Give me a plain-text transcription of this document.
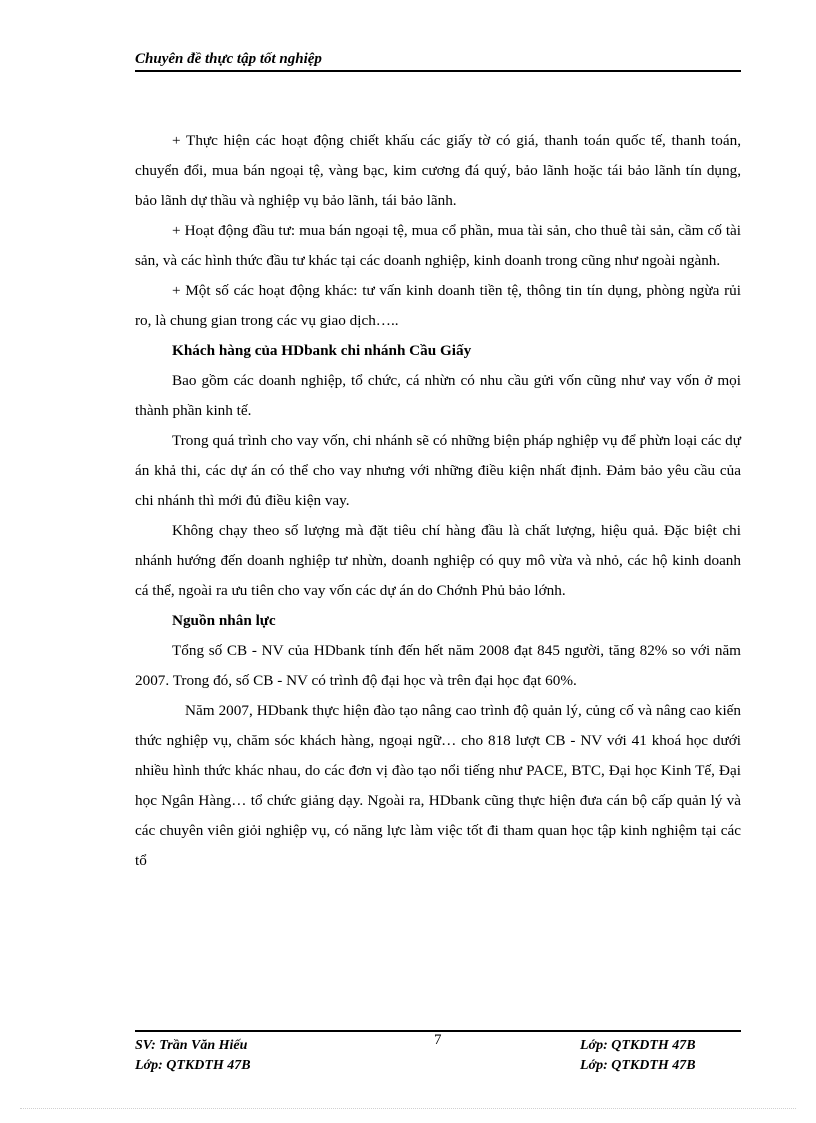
Chuyên đề thực tập tốt nghiệp

+ Thực hiện các hoạt động chiết khấu các giấy tờ có giá, thanh toán quốc tế, thanh toán, chuyển đổi, mua bán ngoại tệ, vàng bạc, kim cương đá quý, bảo lãnh hoặc tái bảo lãnh tín dụng, bảo lãnh dự thầu và nghiệp vụ bảo lãnh, tái bảo lãnh.

+ Hoạt động đầu tư: mua bán ngoại tệ, mua cổ phần, mua tài sản, cho thuê tài sản, cầm cố tài sản, và các hình thức đầu tư khác tại các doanh nghiệp, kinh doanh trong cũng như ngoài ngành.

+ Một số các hoạt động khác: tư vấn kinh doanh tiền tệ, thông tin tín dụng, phòng ngừa rủi ro, là chung gian trong các vụ giao dịch…..

Khách hàng của HDbank chi nhánh Cầu Giấy

Bao gồm các doanh nghiệp, tổ chức, cá nhừn có nhu cầu gửi vốn cũng như vay vốn ở mọi thành phần kinh tế.

Trong quá trình cho vay vốn, chi nhánh sẽ có những biện pháp nghiệp vụ để phừn loại các dự án khả thi, các dự án có thể cho vay nhưng với những điều kiện nhất định. Đảm bảo yêu cầu của chi nhánh thì mới đủ điều kiện vay.

Không chạy theo số lượng mà đặt tiêu chí hàng đầu là chất lượng, hiệu quả. Đặc biệt chi nhánh hướng đến doanh nghiệp tư nhừn, doanh nghiệp có quy mô vừa và nhỏ, các hộ kinh doanh cá thể, ngoài ra ưu tiên cho vay vốn các dự án do Chớnh Phủ bảo lớnh.

Nguồn nhân lực

Tổng số CB - NV của HDbank tính đến hết năm 2008 đạt 845 người, tăng 82% so với năm 2007. Trong đó, số CB - NV có trình độ đại học và trên đại học đạt 60%.

Năm 2007, HDbank thực hiện đào tạo nâng cao trình độ quản lý, củng cố và nâng cao kiến thức nghiệp vụ, chăm sóc khách hàng, ngoại ngữ… cho 818 lượt CB - NV với 41 khoá học dưới nhiều hình thức khác nhau, do các đơn vị đào tạo nổi tiếng như PACE, BTC, Đại học Kinh Tế, Đại học Ngân Hàng… tổ chức giảng dạy. Ngoài ra, HDbank cũng thực hiện đưa cán bộ cấp quản lý và các chuyên viên giỏi nghiệp vụ, có năng lực làm việc tốt đi tham quan học tập kinh nghiệm tại các tổ

SV: Trần Văn Hiếu
Lớp: QTKDTH 47B
7	Lớp: QTKDTH 47B
Lớp: QTKDTH 47B
